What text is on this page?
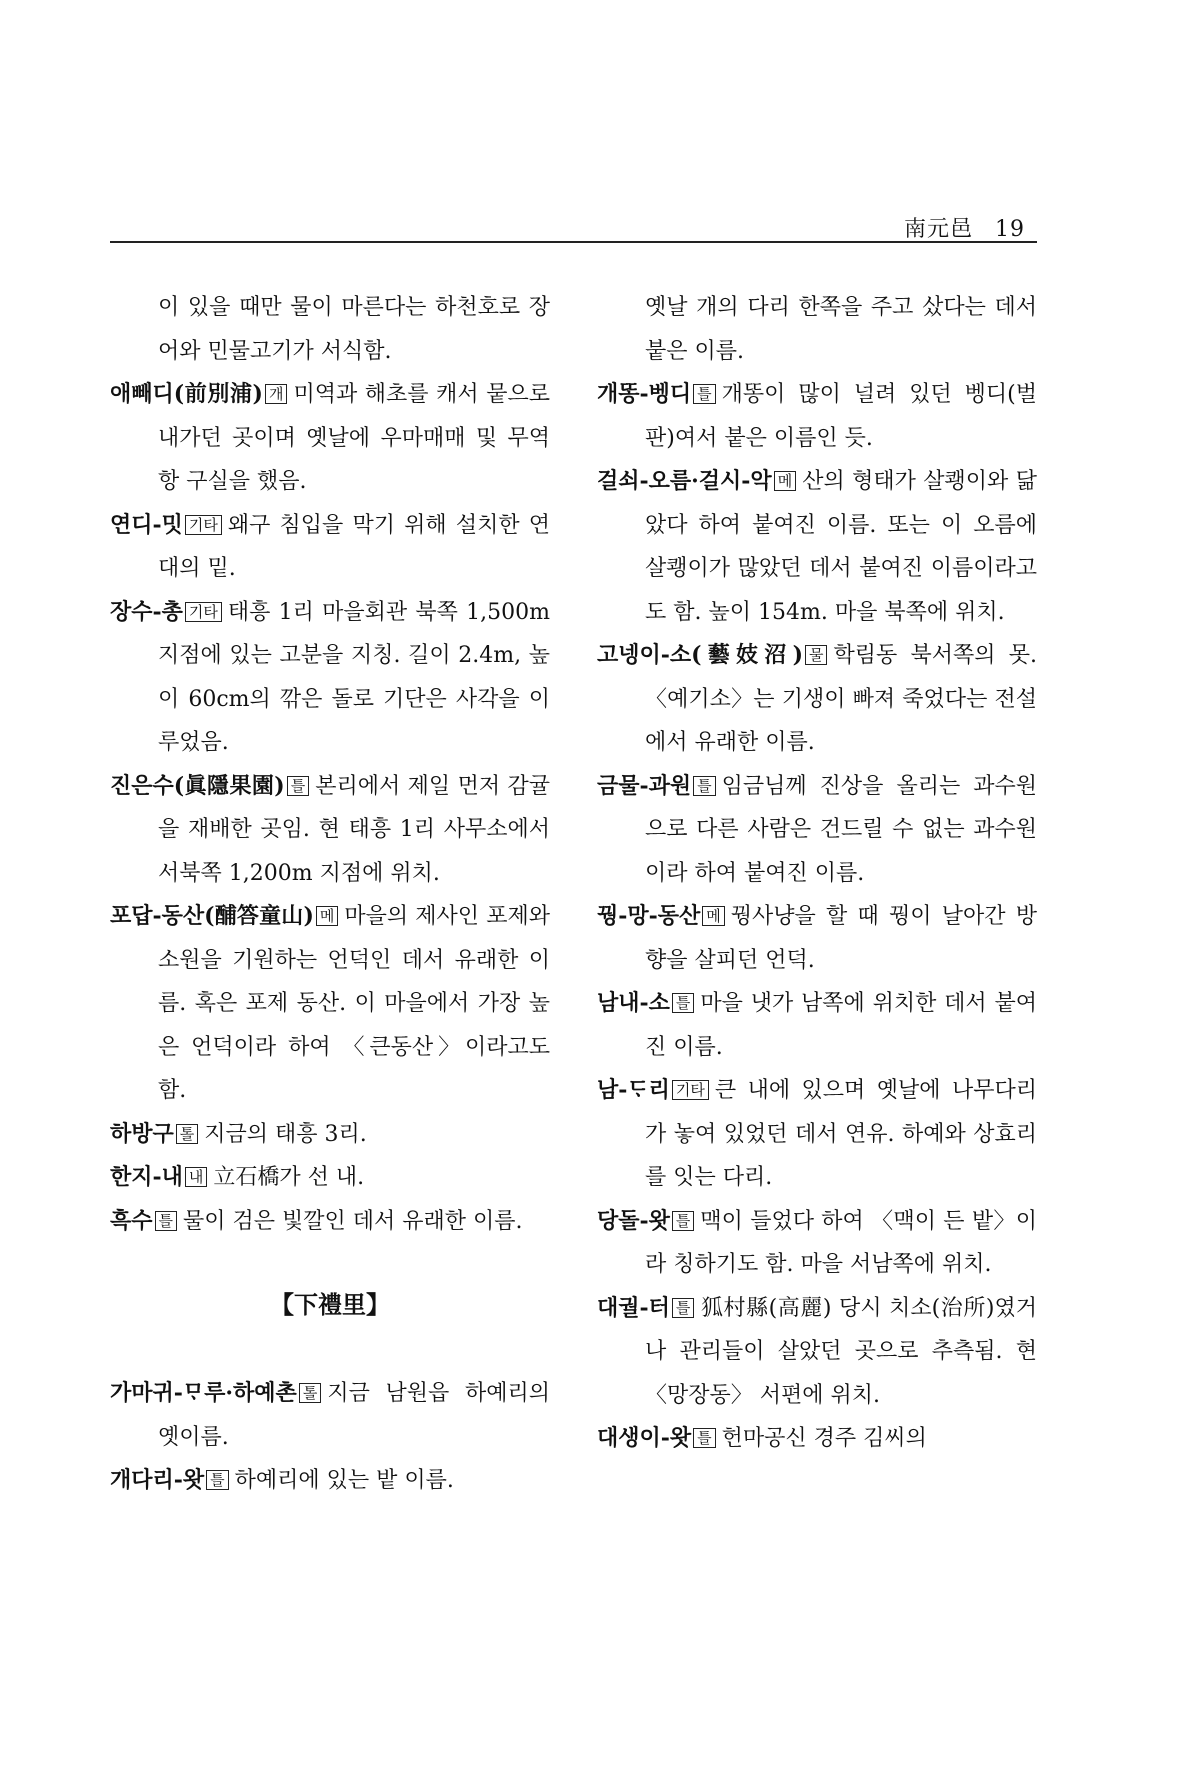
南元邑 19

이 있을 때만 물이 마른다는 하천호로 장어와 민물고기가 서식함.

애빼디(前別浦) 개 미역과 해초를 캐서 뭍으로 내가던 곳이며 옛날에 우마매매 및 무역항 구실을 했음.

연디-밋 기타 왜구 침입을 막기 위해 설치한 연대의 밑.

장수-총 기타 태흥 1리 마을회관 북쪽 1,500m 지점에 있는 고분을 지칭. 길이 2.4m, 높이 60cm의 깎은 돌로 기단은 사각을 이루었음.

진은수(眞隱果園) 틀 본리에서 제일 먼저 감귤을 재배한 곳임. 현 태흥 1리 사무소에서 서북쪽 1,200m 지점에 위치.

포답-동산(酺答童山) 메 마을의 제사인 포제와 소원을 기원하는 언덕인 데서 유래한 이름. 혹은 포제 동산. 이 마을에서 가장 높은 언덕이라 하여 〈큰동산〉이라고도 함.

하방구 톨 지금의 태흥 3리.

한지-내 내 立石橋가 선 내.

흑수 틀 물이 검은 빛깔인 데서 유래한 이름.

【下禮里】

가마귀-ᄆᆞ루·하예촌 톨 지금 남원읍 하예리의 옛이름.

개다리-왓 틀 하예리에 있는 밭 이름.

옛날 개의 다리 한쪽을 주고 샀다는 데서 붙은 이름.

개똥-벵디 틀 개똥이 많이 널려 있던 벵디(벌판)여서 붙은 이름인 듯.

걸쇠-오름·걸시-악 메 산의 형태가 살쾡이와 닮았다 하여 붙여진 이름. 또는 이 오름에 살쾡이가 많았던 데서 붙여진 이름이라고도 함. 높이 154m. 마을 북쪽에 위치.

고넹이-소(藝妓沼) 물 학림동 북서쪽의 못. 〈예기소〉는 기생이 빠져 죽었다는 전설에서 유래한 이름.

금물-과원 틀 임금님께 진상을 올리는 과수원으로 다른 사람은 건드릴 수 없는 과수원이라 하여 붙여진 이름.

꿩-망-동산 메 꿩사냥을 할 때 꿩이 날아간 방향을 살피던 언덕.

남내-소 틀 마을 냇가 남쪽에 위치한 데서 붙여진 이름.

남-ᄃᆞ리 기타 큰 내에 있으며 옛날에 나무다리가 놓여 있었던 데서 연유. 하예와 상효리를 잇는 다리.

당돌-왓 틀 맥이 들었다 하여 〈맥이 든 밭〉이라 칭하기도 함. 마을 서남쪽에 위치.

대궐-터 틀 狐村縣(高麗) 당시 치소(治所)였거나 관리들이 살았던 곳으로 추측됨. 현 〈망장동〉 서편에 위치.

대생이-왓 틀 헌마공신 경주 김씨의
